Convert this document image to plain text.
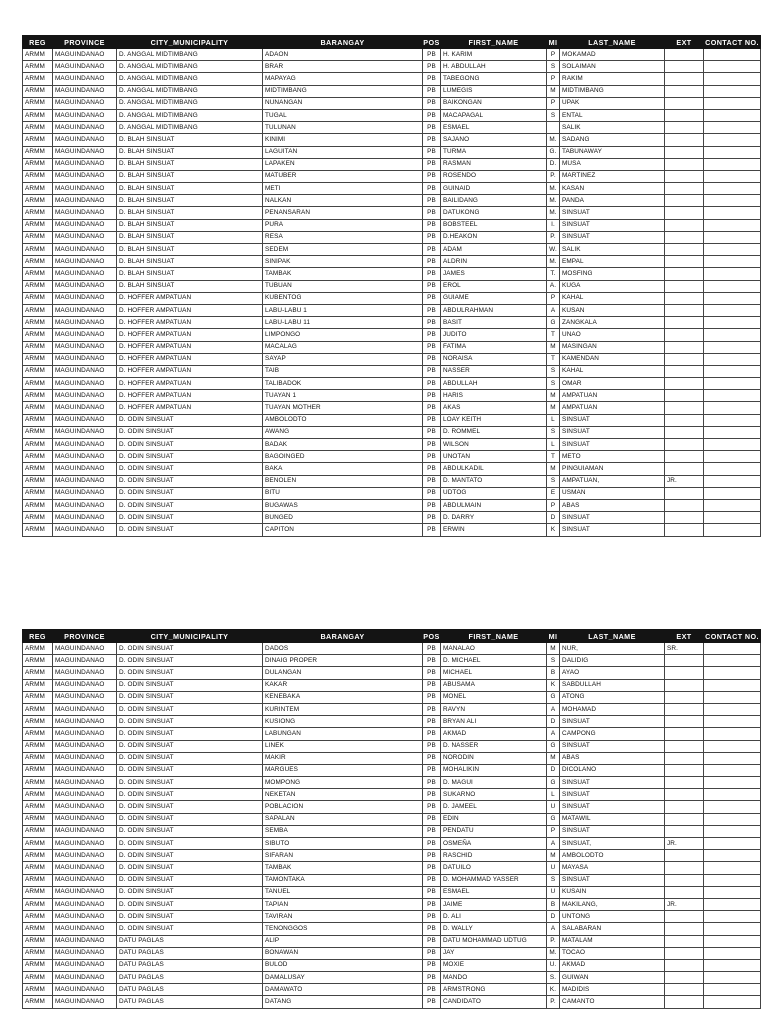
REG	PROVINCE	CITY_MUNICIPALITY	BARANGAY	POS	FIRST_NAME	MI	LAST_NAME	EXT	CONTACT NO.
ARMM	MAGUINDANAO	D. ANGGAL MIDTIMBANG	ADAON	PB	H. KARIM	P	MOKAMAD		
ARMM	MAGUINDANAO	D. ANGGAL MIDTIMBANG	BRAR	PB	H. ABDULLAH	S	SOLAIMAN		
ARMM	MAGUINDANAO	D. ANGGAL MIDTIMBANG	MAPAYAG	PB	TABEGONG	P	RAKIM		
ARMM	MAGUINDANAO	D. ANGGAL MIDTIMBANG	MIDTIMBANG	PB	LUMEGIS	M	MIDTIMBANG		
ARMM	MAGUINDANAO	D. ANGGAL MIDTIMBANG	NUNANGAN	PB	BAIKONGAN	P	UPAK		
ARMM	MAGUINDANAO	D. ANGGAL MIDTIMBANG	TUGAL	PB	MACAPAGAL	S	ENTAL		
ARMM	MAGUINDANAO	D. ANGGAL MIDTIMBANG	TULUNAN	PB	ESMAEL		SALIK		
ARMM	MAGUINDANAO	D. BLAH SINSUAT	KINIMI	PB	SAJANO	M.	SADANG		
ARMM	MAGUINDANAO	D. BLAH SINSUAT	LAGUITAN	PB	TURMA	G.	TABUNAWAY		
ARMM	MAGUINDANAO	D. BLAH SINSUAT	LAPAKEN	PB	RASMAN	D.	MUSA		
ARMM	MAGUINDANAO	D. BLAH SINSUAT	MATUBER	PB	ROSENDO	P.	MARTINEZ		
ARMM	MAGUINDANAO	D. BLAH SINSUAT	METI	PB	GUINAID	M.	KASAN		
ARMM	MAGUINDANAO	D. BLAH SINSUAT	NALKAN	PB	BAILIDANG	M.	PANDA		
ARMM	MAGUINDANAO	D. BLAH SINSUAT	PENANSARAN	PB	DATUKONG	M.	SINSUAT		
ARMM	MAGUINDANAO	D. BLAH SINSUAT	PURA	PB	BOBSTEEL	I.	SINSUAT		
ARMM	MAGUINDANAO	D. BLAH SINSUAT	RESA	PB	D.HEAKON	P.	SINSUAT		
ARMM	MAGUINDANAO	D. BLAH SINSUAT	SEDEM	PB	ADAM	W.	SALIK		
ARMM	MAGUINDANAO	D. BLAH SINSUAT	SINIPAK	PB	ALDRIN	M.	EMPAL		
ARMM	MAGUINDANAO	D. BLAH SINSUAT	TAMBAK	PB	JAMES	T.	MOSFING		
ARMM	MAGUINDANAO	D. BLAH SINSUAT	TUBUAN	PB	EROL	A.	KUGA		
ARMM	MAGUINDANAO	D. HOFFER AMPATUAN	KUBENTOG	PB	GUIAME	P	KAHAL		
ARMM	MAGUINDANAO	D. HOFFER AMPATUAN	LABU-LABU 1	PB	ABDULRAHMAN	A	KUSAN		
ARMM	MAGUINDANAO	D. HOFFER AMPATUAN	LABU-LABU 11	PB	BASIT	G	ZANGKALA		
ARMM	MAGUINDANAO	D. HOFFER AMPATUAN	LIMPONGO	PB	JUDITO	T	UNAO		
ARMM	MAGUINDANAO	D. HOFFER AMPATUAN	MACALAG	PB	FATIMA	M	MASINGAN		
ARMM	MAGUINDANAO	D. HOFFER AMPATUAN	SAYAP	PB	NORAISA	T	KAMENDAN		
ARMM	MAGUINDANAO	D. HOFFER AMPATUAN	TAIB	PB	NASSER	S	KAHAL		
ARMM	MAGUINDANAO	D. HOFFER AMPATUAN	TALIBADOK	PB	ABDULLAH	S	OMAR		
ARMM	MAGUINDANAO	D. HOFFER AMPATUAN	TUAYAN 1	PB	HARIS	M	AMPATUAN		
ARMM	MAGUINDANAO	D. HOFFER AMPATUAN	TUAYAN MOTHER	PB	AKAS	M	AMPATUAN		
ARMM	MAGUINDANAO	D. ODIN SINSUAT	AMBOLODTO	PB	LOAY KEITH	L	SINSUAT		
ARMM	MAGUINDANAO	D. ODIN SINSUAT	AWANG	PB	D. ROMMEL	S	SINSUAT		
ARMM	MAGUINDANAO	D. ODIN SINSUAT	BADAK	PB	WILSON	L	SINSUAT		
ARMM	MAGUINDANAO	D. ODIN SINSUAT	BAGOINGED	PB	UNOTAN	T	METO		
ARMM	MAGUINDANAO	D. ODIN SINSUAT	BAKA	PB	ABDULKADIL	M	PINGUIAMAN		
ARMM	MAGUINDANAO	D. ODIN SINSUAT	BENOLEN	PB	D. MANTATO	S	AMPATUAN,	JR.	
ARMM	MAGUINDANAO	D. ODIN SINSUAT	BITU	PB	UDTOG	E	USMAN		
ARMM	MAGUINDANAO	D. ODIN SINSUAT	BUGAWAS	PB	ABDULMAIN	P	ABAS		
ARMM	MAGUINDANAO	D. ODIN SINSUAT	BUNGED	PB	D. DARRY	D	SINSUAT		
ARMM	MAGUINDANAO	D. ODIN SINSUAT	CAPITON	PB	ERWIN	K	SINSUAT		
REG	PROVINCE	CITY_MUNICIPALITY	BARANGAY	POS	FIRST_NAME	MI	LAST_NAME	EXT	CONTACT NO.
ARMM	MAGUINDANAO	D. ODIN SINSUAT	DADOS	PB	MANALAO	M	NUR,	SR.	
ARMM	MAGUINDANAO	D. ODIN SINSUAT	DINAIG PROPER	PB	D. MICHAEL	S	DALIDIG		
ARMM	MAGUINDANAO	D. ODIN SINSUAT	DULANGAN	PB	MICHAEL	B	AYAO		
ARMM	MAGUINDANAO	D. ODIN SINSUAT	KAKAR	PB	ABUSAMA	K	SABDULLAH		
ARMM	MAGUINDANAO	D. ODIN SINSUAT	KENEBAKA	PB	MONEL	G	ATONG		
ARMM	MAGUINDANAO	D. ODIN SINSUAT	KURINTEM	PB	RAVYN	A	MOHAMAD		
ARMM	MAGUINDANAO	D. ODIN SINSUAT	KUSIONG	PB	BRYAN ALI	D	SINSUAT		
ARMM	MAGUINDANAO	D. ODIN SINSUAT	LABUNGAN	PB	AKMAD	A	CAMPONG		
ARMM	MAGUINDANAO	D. ODIN SINSUAT	LINEK	PB	D. NASSER	G	SINSUAT		
ARMM	MAGUINDANAO	D. ODIN SINSUAT	MAKIR	PB	NORODIN	M	ABAS		
ARMM	MAGUINDANAO	D. ODIN SINSUAT	MARGUES	PB	MOHALIKIN	D	DICOLANO		
ARMM	MAGUINDANAO	D. ODIN SINSUAT	MOMPONG	PB	D. MAGUI	G	SINSUAT		
ARMM	MAGUINDANAO	D. ODIN SINSUAT	NEKETAN	PB	SUKARNO	L	SINSUAT		
ARMM	MAGUINDANAO	D. ODIN SINSUAT	POBLACION	PB	D. JAMEEL	U	SINSUAT		
ARMM	MAGUINDANAO	D. ODIN SINSUAT	SAPALAN	PB	EDIN	G	MATAWIL		
ARMM	MAGUINDANAO	D. ODIN SINSUAT	SEMBA	PB	PENDATU	P	SINSUAT		
ARMM	MAGUINDANAO	D. ODIN SINSUAT	SIBUTO	PB	OSMEÑA	A	SINSUAT,	JR.	
ARMM	MAGUINDANAO	D. ODIN SINSUAT	SIFARAN	PB	RASCHID	M	AMBOLODTO		
ARMM	MAGUINDANAO	D. ODIN SINSUAT	TAMBAK	PB	DATUILO	U	MAYASA		
ARMM	MAGUINDANAO	D. ODIN SINSUAT	TAMONTAKA	PB	D. MOHAMMAD YASSER	S	SINSUAT		
ARMM	MAGUINDANAO	D. ODIN SINSUAT	TANUEL	PB	ESMAEL	U	KUSAIN		
ARMM	MAGUINDANAO	D. ODIN SINSUAT	TAPIAN	PB	JAIME	B	MAKILANG,	JR.	
ARMM	MAGUINDANAO	D. ODIN SINSUAT	TAVIRAN	PB	D. ALI	D	UNTONG		
ARMM	MAGUINDANAO	D. ODIN SINSUAT	TENONGGOS	PB	D. WALLY	A	SALABARAN		
ARMM	MAGUINDANAO	DATU PAGLAS	ALIP	PB	DATU MOHAMMAD UDTUG	P.	MATALAM		
ARMM	MAGUINDANAO	DATU PAGLAS	BONAWAN	PB	JAY	M.	TOCAO		
ARMM	MAGUINDANAO	DATU PAGLAS	BULOD	PB	MOXIE	U.	AKMAD		
ARMM	MAGUINDANAO	DATU PAGLAS	DAMALUSAY	PB	MANDO	S.	GUIWAN		
ARMM	MAGUINDANAO	DATU PAGLAS	DAMAWATO	PB	ARMSTRONG	K.	MADIDIS		
ARMM	MAGUINDANAO	DATU PAGLAS	DATANG	PB	CANDIDATO	P.	CAMANTO		
